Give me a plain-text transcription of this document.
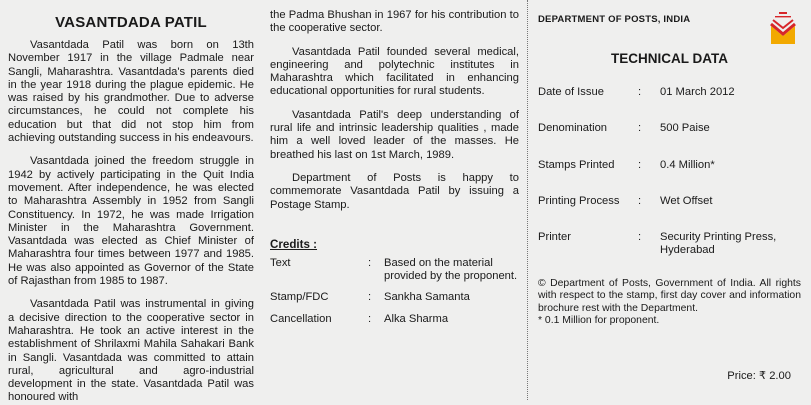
VASANTDADA PATIL

Vasantdada Patil was born on 13th November 1917 in the village Padmale near Sangli, Maharashtra. Vasantdada's parents died in the year 1918 during the plague epidemic. He was raised by his grandmother. Due to adverse circumstances, he could not complete his education but that did not stop him from achieving outstanding success in his endeavours.

Vasantdada joined the freedom struggle in 1942 by actively participating in the Quit India movement. After independence, he was elected to Maharashtra Assembly in 1952 from Sangli Constituency. In 1972, he was made Irrigation Minister in the Maharashtra Government. Vasantdada was elected as Chief Minister of Maharashtra four times between 1977 and 1985. He was also appointed as Governor of the State of Rajasthan from 1985 to 1987.

Vasantdada Patil was instrumental in giving a decisive direction to the cooperative sector in Maharashtra. He took an active interest in the establishment of Shrilaxmi Mahila Sahakari Bank in Sangli. Vasantdada was committed to attain rural, agricultural and agro-industrial development in the state. Vasantdada Patil was honoured with

the Padma Bhushan in 1967 for his contribution to the cooperative sector.

Vasantdada Patil founded several medical, engineering and polytechnic institutes in Maharashtra which facilitated in enhancing educational opportunities for rural students.

Vasantdada Patil's deep understanding of rural life and intrinsic leadership qualities , made him a well loved leader of the masses. He breathed his last on 1st March, 1989.

Department of Posts is happy to commemorate Vasantdada Patil by issuing a Postage Stamp.

Credits :
Text	:	Based on the material provided by the proponent.
Stamp/FDC	:	Sankha Samanta
Cancellation	:	Alka Sharma
DEPARTMENT OF POSTS, INDIA
TECHNICAL DATA
Date of Issue	:	01 March 2012
Denomination	:	500 Paise
Stamps Printed	:	0.4 Million*
Printing Process	:	Wet Offset
Printer	:	Security Printing Press, Hyderabad
© Department of Posts, Government of India. All rights with respect to the stamp, first day cover and information brochure rest with the Department.
* 0.1 Million for proponent.
Price: ₹ 2.00
